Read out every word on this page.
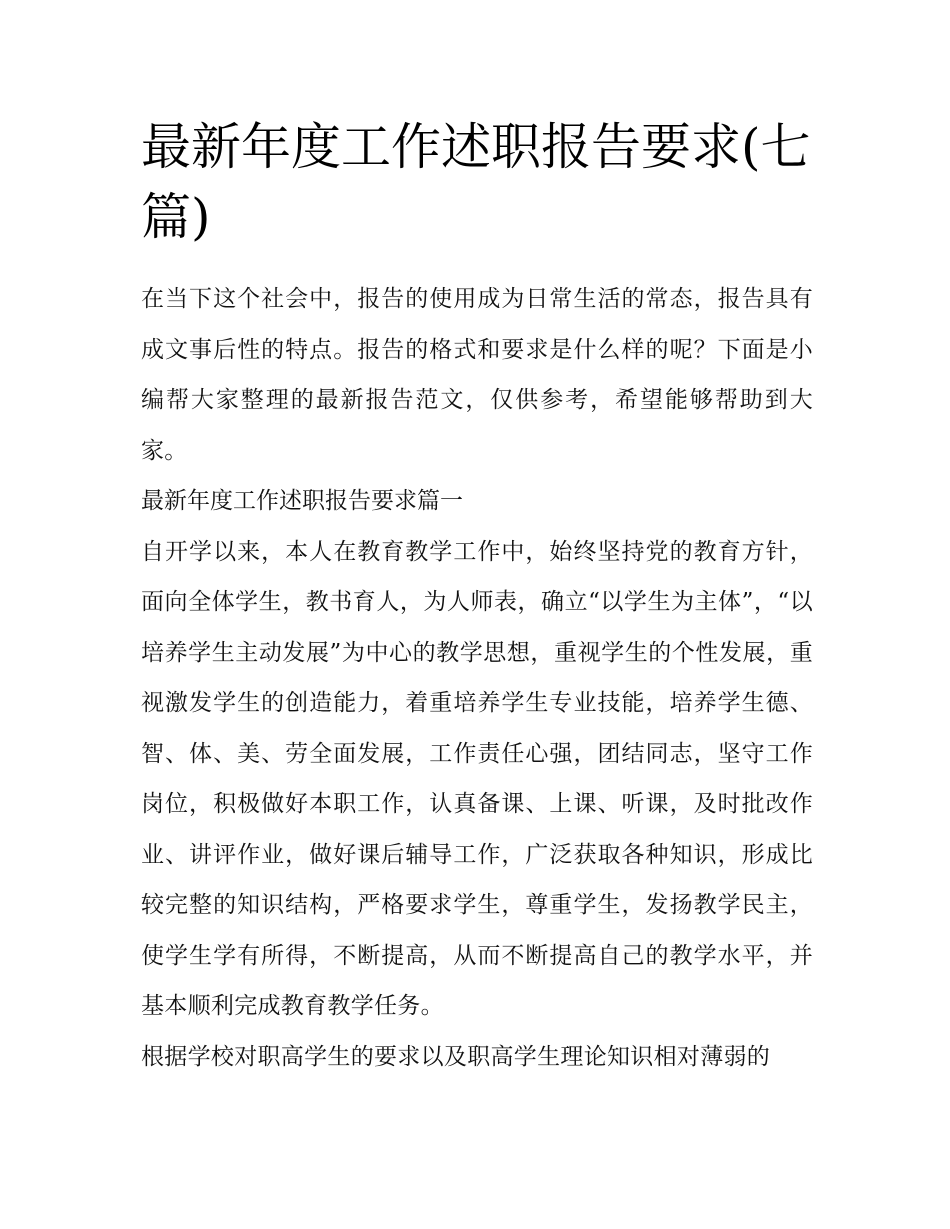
最新年度工作述职报告要求(七篇)

在当下这个社会中，报告的使用成为日常生活的常态，报告具有成文事后性的特点。报告的格式和要求是什么样的呢？下面是小编帮大家整理的最新报告范文，仅供参考，希望能够帮助到大家。

最新年度工作述职报告要求篇一

自开学以来，本人在教育教学工作中，始终坚持党的教育方针，面向全体学生，教书育人，为人师表，确立“以学生为主体”，“以培养学生主动发展”为中心的教学思想，重视学生的个性发展，重视激发学生的创造能力，着重培养学生专业技能，培养学生德、智、体、美、劳全面发展，工作责任心强，团结同志，坚守工作岗位，积极做好本职工作，认真备课、上课、听课，及时批改作业、讲评作业，做好课后辅导工作，广泛获取各种知识，形成比较完整的知识结构，严格要求学生，尊重学生，发扬教学民主，使学生学有所得，不断提高，从而不断提高自己的教学水平，并基本顺利完成教育教学任务。

根据学校对职高学生的要求以及职高学生理论知识相对薄弱的
